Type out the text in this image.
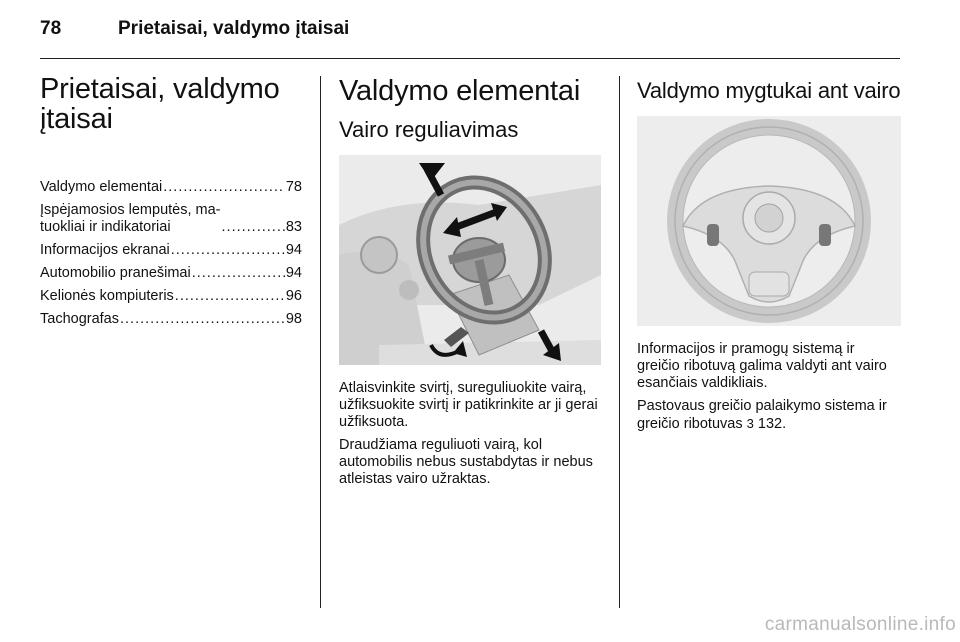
78	Prietaisai, valdymo įtaisai
Prietaisai, valdymo įtaisai
Valdymo elementai .....	78
Įspėjamosios lemputės, ma-
tuokliai ir indikatoriai .....	83
Informacijos ekranai .....	94
Automobilio pranešimai .....	94
Kelionės kompiuteris .....	96
Tachografas .....	98
Valdymo elementai
Vairo reguliavimas

Atlaisvinkite svirtį, sureguliuokite vairą, užfiksuokite svirtį ir patikrinkite ar ji gerai užfiksuota.

Draudžiama reguliuoti vairą, kol automobilis nebus sustabdytas ir nebus atleistas vairo užraktas.

Valdymo mygtukai ant vairo

Informacijos ir pramogų sistemą ir greičio ribotuvą galima valdyti ant vairo esančiais valdikliais.

Pastovaus greičio palaikymo sistema ir greičio ribotuvas 3 132.

carmanualsonline.info
